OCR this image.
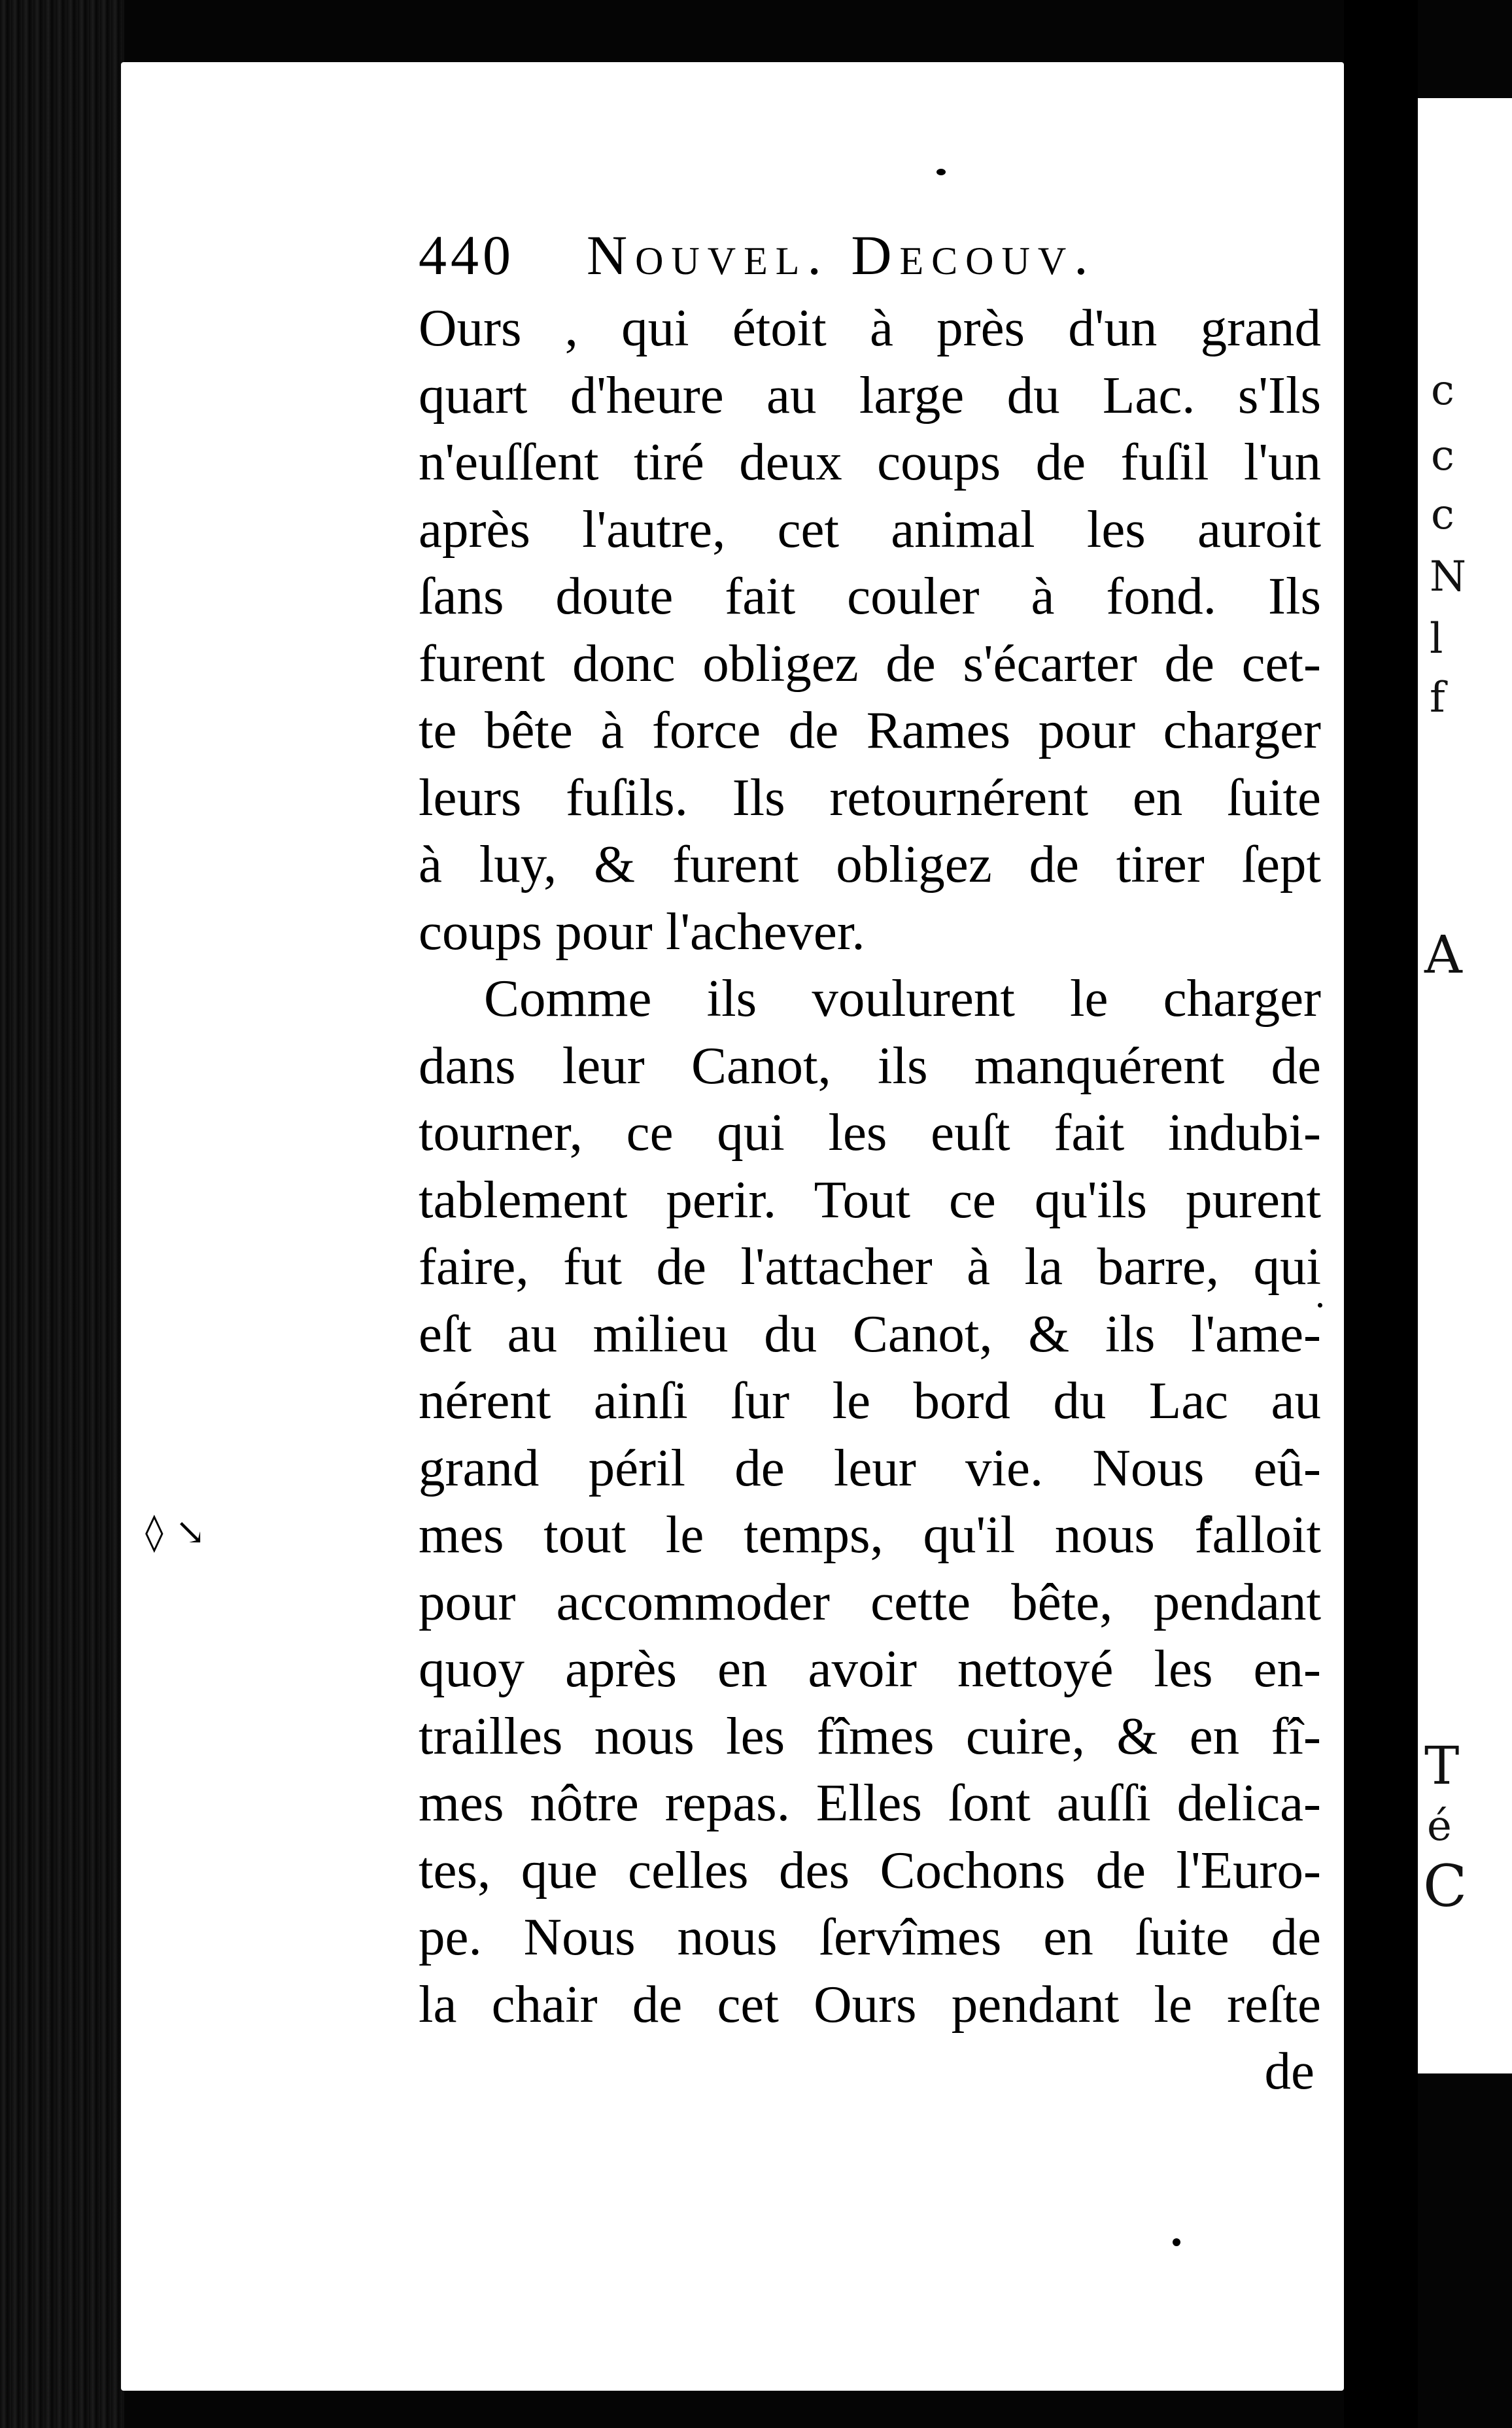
c
c
c
N
l
f
A
T
é
C
◊ ↘
440 Nouvel. Decouv.
Ours , qui étoit à près d'un grand
quart d'heure au large du Lac. s'Ils
n'euſſent tiré deux coups de fuſil l'un
après l'autre, cet animal les auroit
ſans doute fait couler à fond. Ils
furent donc obligez de s'écarter de cet-
te bête à force de Rames pour charger
leurs fuſils. Ils retournérent en ſuite
à luy, & furent obligez de tirer ſept
coups pour l'achever.
Comme ils voulurent le charger
dans leur Canot, ils manquérent de
tourner, ce qui les euſt fait indubi-
tablement perir. Tout ce qu'ils purent
faire, fut de l'attacher à la barre, qui
eſt au milieu du Canot, & ils l'ame-
nérent ainſi ſur le bord du Lac au
grand péril de leur vie. Nous eû-
mes tout le temps, qu'il nous falloit
pour accommoder cette bête, pendant
quoy après en avoir nettoyé les en-
trailles nous les fîmes cuire, & en fî-
mes nôtre repas. Elles ſont auſſi delica-
tes, que celles des Cochons de l'Euro-
pe. Nous nous ſervîmes en ſuite de
la chair de cet Ours pendant le reſte
de
